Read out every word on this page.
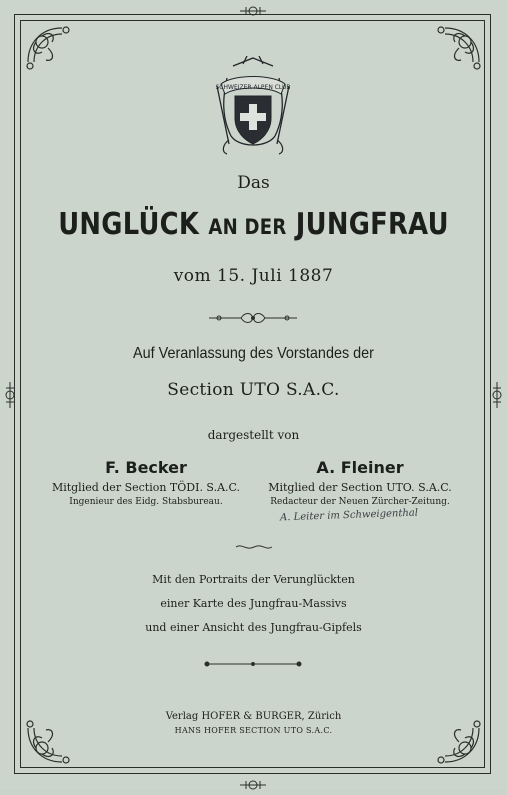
SCHWEIZER ALPEN CLUB
Das
UNGLÜCK AN DER JUNGFRAU
vom 15. Juli 1887
Auf Veranlassung des Vorstandes der
Section UTO S.A.C.
dargestellt von
F. Becker
Mitglied der Section TÖDI. S.A.C.
Ingenieur des Eidg. Stabsbureau.
A. Fleiner
Mitglied der Section UTO. S.A.C.
Redacteur der Neuen Zürcher-Zeitung.
A. Leiter im Schweigenthal
Mit den Portraits der Verunglückten
einer Karte des Jungfrau-Massivs
und einer Ansicht des Jungfrau-Gipfels
Verlag HOFER & BURGER, Zürich
HANS HOFER SECTION UTO S.A.C.
